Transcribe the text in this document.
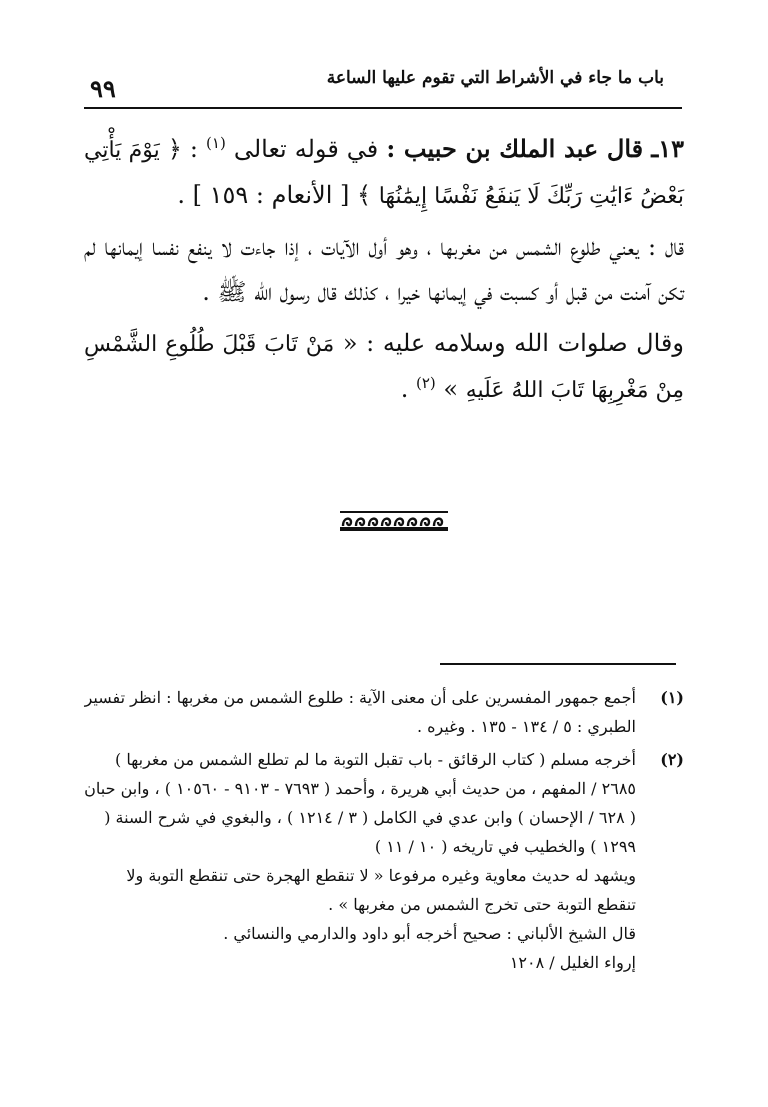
٩٩	باب ما جاء في الأشراط التي تقوم عليها الساعة

١٣ـ قال عبد الملك بن حبيب : في قوله تعالى $^{(١)}$ : ﴿ يَوْمَ يَأْتِي بَعْضُ ءَايَٰتِ رَبِّكَ لَا يَنفَعُ نَفْسًا إِيمَٰنُهَا ﴾ [ الأنعام : ١٥٩ ] .

قال : يعني طلوع الشمس من مغربها ، وهو أول الآيات ، إذا جاءت لا ينفع نفسا إيمانها لم تكن آمنت من قبل أو كسبت في إيمانها خيرا ، كذلك قال رسول الله ﷺ .

وقال صلوات الله وسلامه عليه : « مَنْ تَابَ قَبْلَ طُلُوعِ الشَّمْسِ مِنْ مَغْرِبِهَا تَابَ اللهُ عَلَيهِ » $^{(٢)}$ .

(١)

أجمع جمهور المفسرين على أن معنى الآية : طلوع الشمس من مغربها : انظر تفسير الطبري : ٥ / ١٣٤ - ١٣٥ . وغيره .

(٢)

أخرجه مسلم ( كتاب الرقائق - باب تقبل التوبة ما لم تطلع الشمس من مغربها ) ٢٦٨٥ / المفهم ، من حديث أبي هريرة ، وأحمد ( ٧٦٩٣ - ٩١٠٣ - ١٠٥٦٠ ) ، وابن حبان ( ٦٢٨ / الإحسان ) وابن عدي في الكامل ( ٣ / ١٢١٤ ) ، والبغوي في شرح السنة ( ١٢٩٩ ) والخطيب في تاريخه ( ١٠ / ١١ )

ويشهد له حديث معاوية وغيره مرفوعا « لا تنقطع الهجرة حتى تنقطع التوبة ولا تنقطع التوبة حتى تخرج الشمس من مغربها » .

قال الشيخ الألباني : صحيح أخرجه أبو داود والدارمي والنسائي .

إرواء الغليل / ١٢٠٨
